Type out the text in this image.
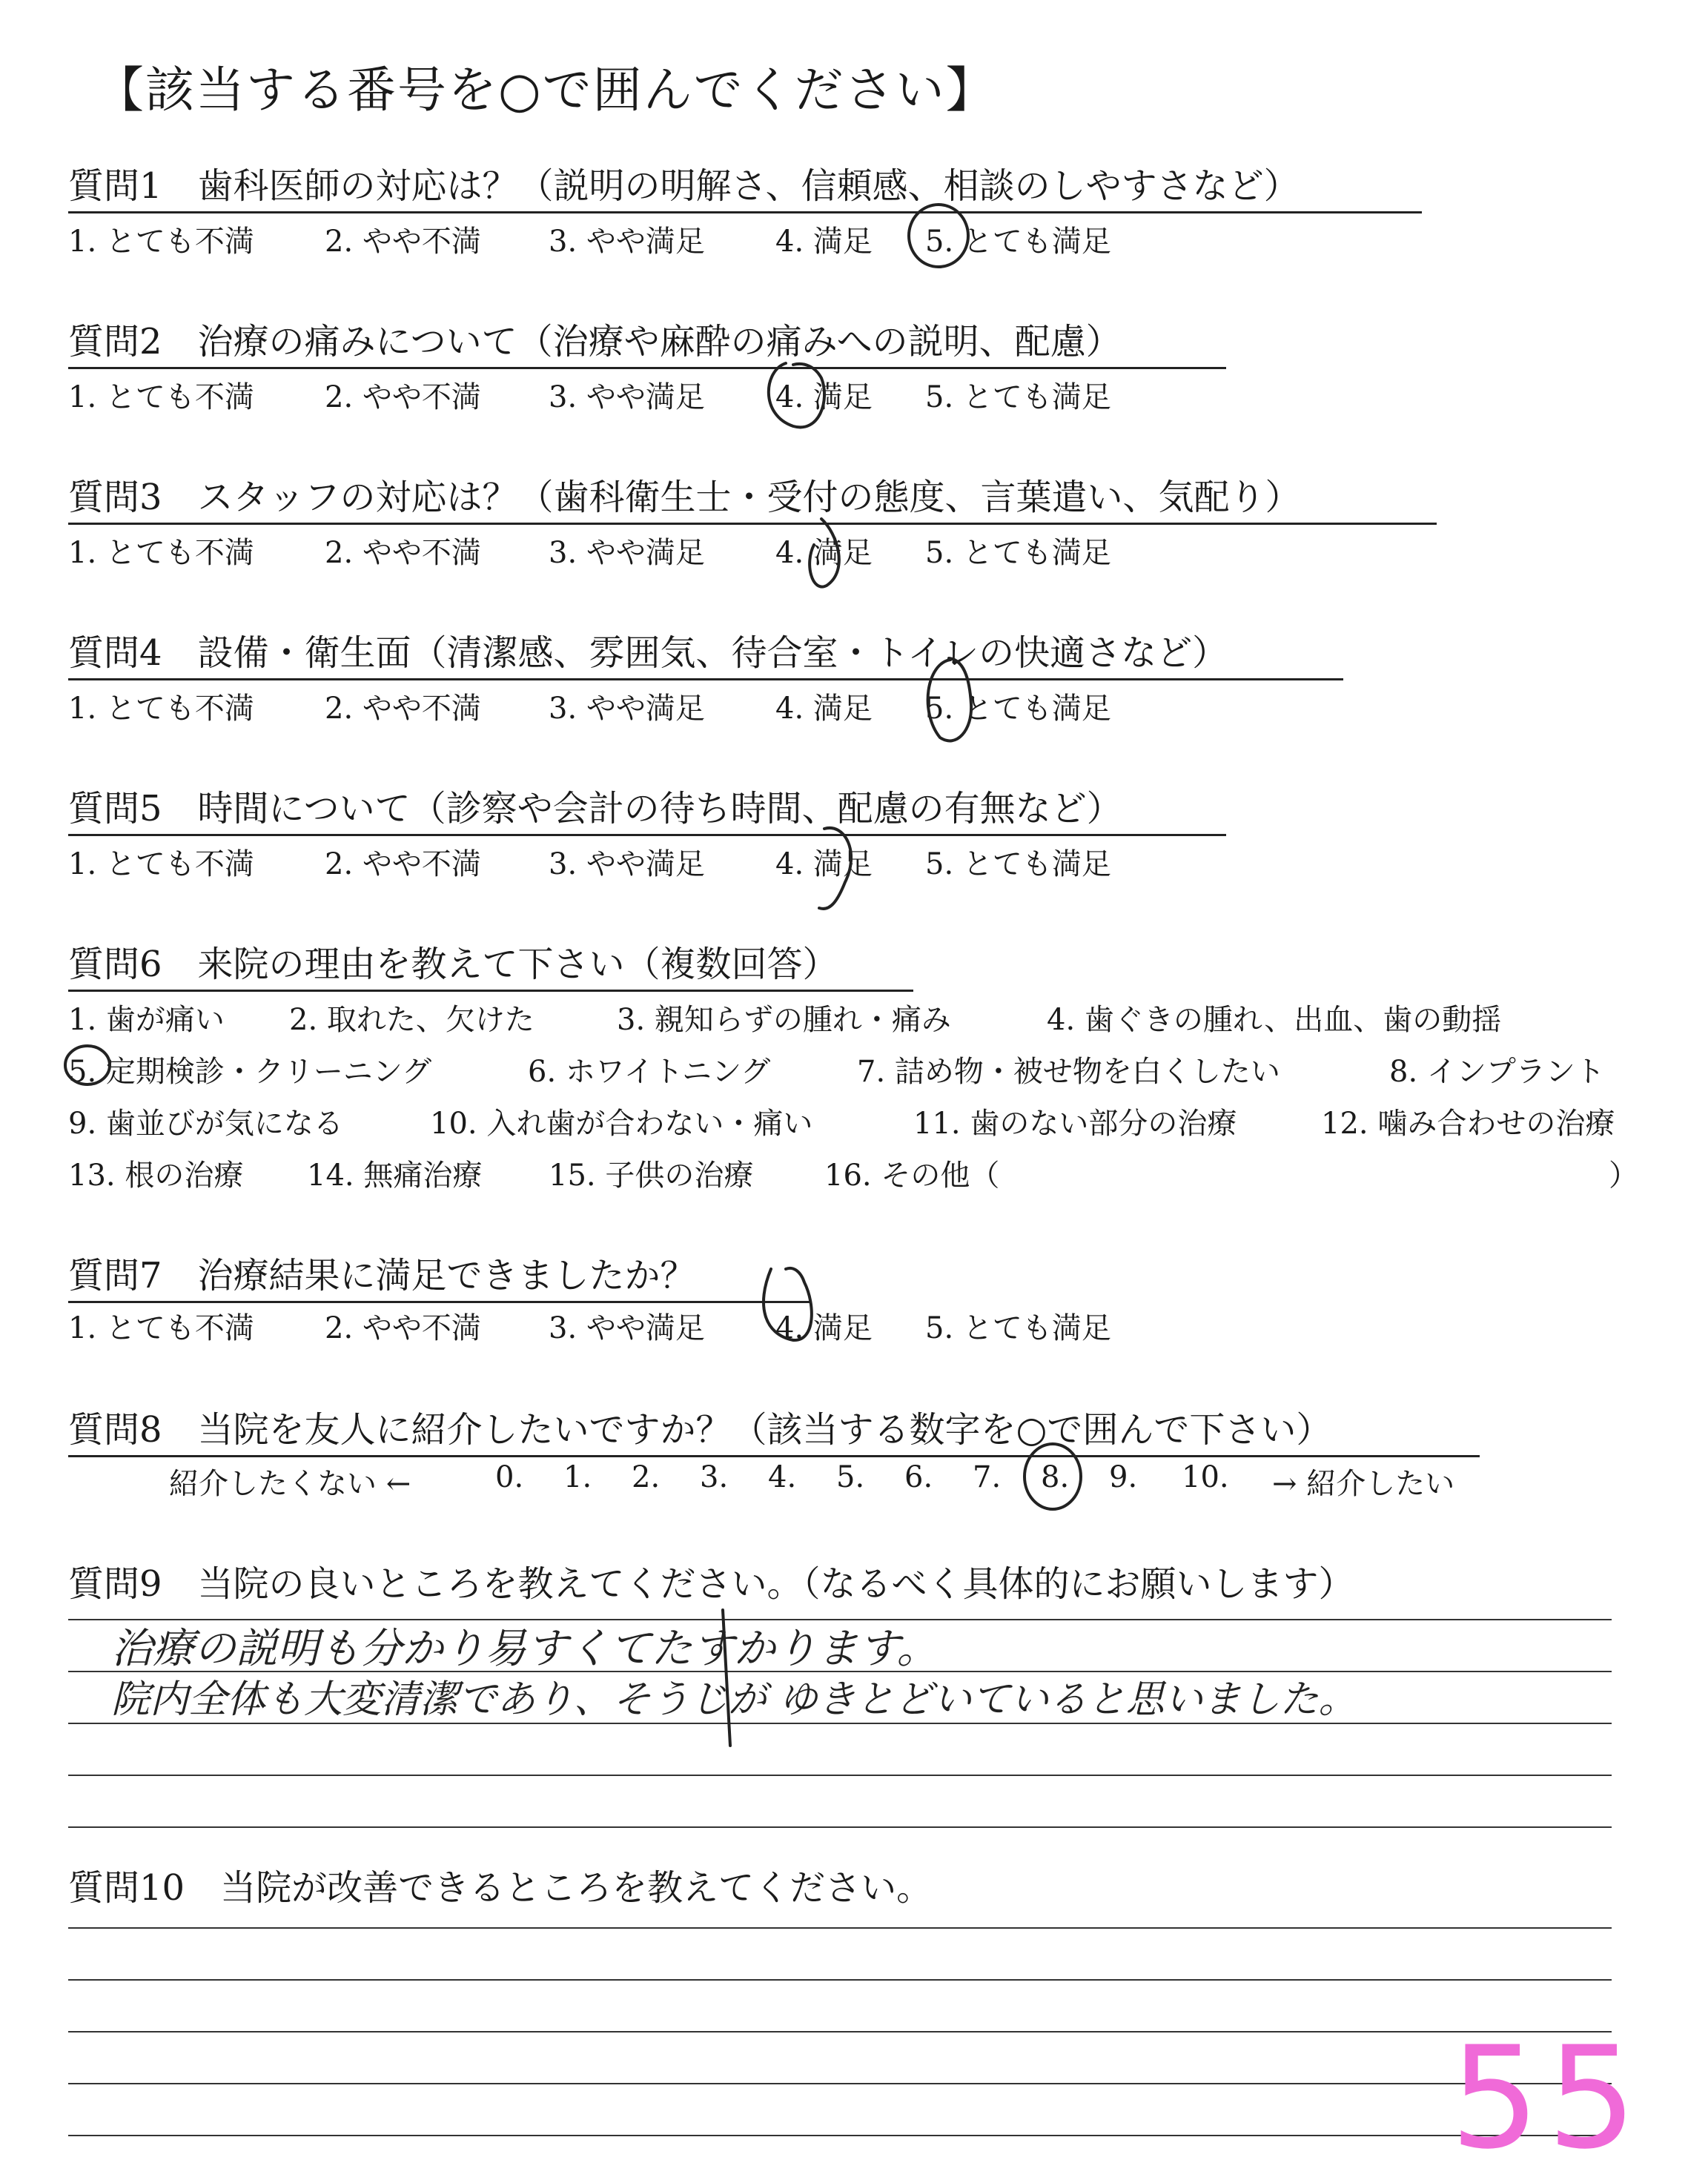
【該当する番号を○で囲んでください】
質問1　歯科医師の対応は？（説明の明解さ、信頼感、相談のしやすさなど）
1. とても不満 2. やや不満 3. やや満足 4. 満足 5. とても満足
質問2　治療の痛みについて（治療や麻酔の痛みへの説明、配慮）
1. とても不満 2. やや不満 3. やや満足 4. 満足 5. とても満足
質問3　スタッフの対応は？（歯科衛生士・受付の態度、言葉遣い、気配り）
1. とても不満 2. やや不満 3. やや満足 4. 満足 5. とても満足
質問4　設備・衛生面（清潔感、雰囲気、待合室・トイレの快適さなど）
1. とても不満 2. やや不満 3. やや満足 4. 満足 5. とても満足
質問5　時間について（診察や会計の待ち時間、配慮の有無など）
1. とても不満 2. やや不満 3. やや満足 4. 満足 5. とても満足
質問6　来院の理由を教えて下さい（複数回答）
1. 歯が痛い 2. 取れた、欠けた	3. 親知らずの腫れ・痛み	4. 歯ぐきの腫れ、出血、歯の動揺
5. 定期検診・クリーニング	6. ホワイトニング	7. 詰め物・被せ物を白くしたい	8. インプラント
9. 歯並びが気になる	10. 入れ歯が合わない・痛い	11. 歯のない部分の治療	12. 噛み合わせの治療
13. 根の治療 14. 無痛治療 15. 子供の治療 16. その他（	）
質問7　治療結果に満足できましたか？
1. とても不満 2. やや不満 3. やや満足 4. 満足 5. とても満足
質問8　当院を友人に紹介したいですか？（該当する数字を○で囲んで下さい）
紹介したくない ←	0. 1. 2. 3. 4. 5. 6. 7. 8. 9. 10. → 紹介したい
質問9　当院の良いところを教えてください。（なるべく具体的にお願いします）
治療の説明も分かり易すくてたすかります。
院内全体も大変清潔であり、そうじが ゆきとどいていると思いました。
質問10　当院が改善できるところを教えてください。
55
